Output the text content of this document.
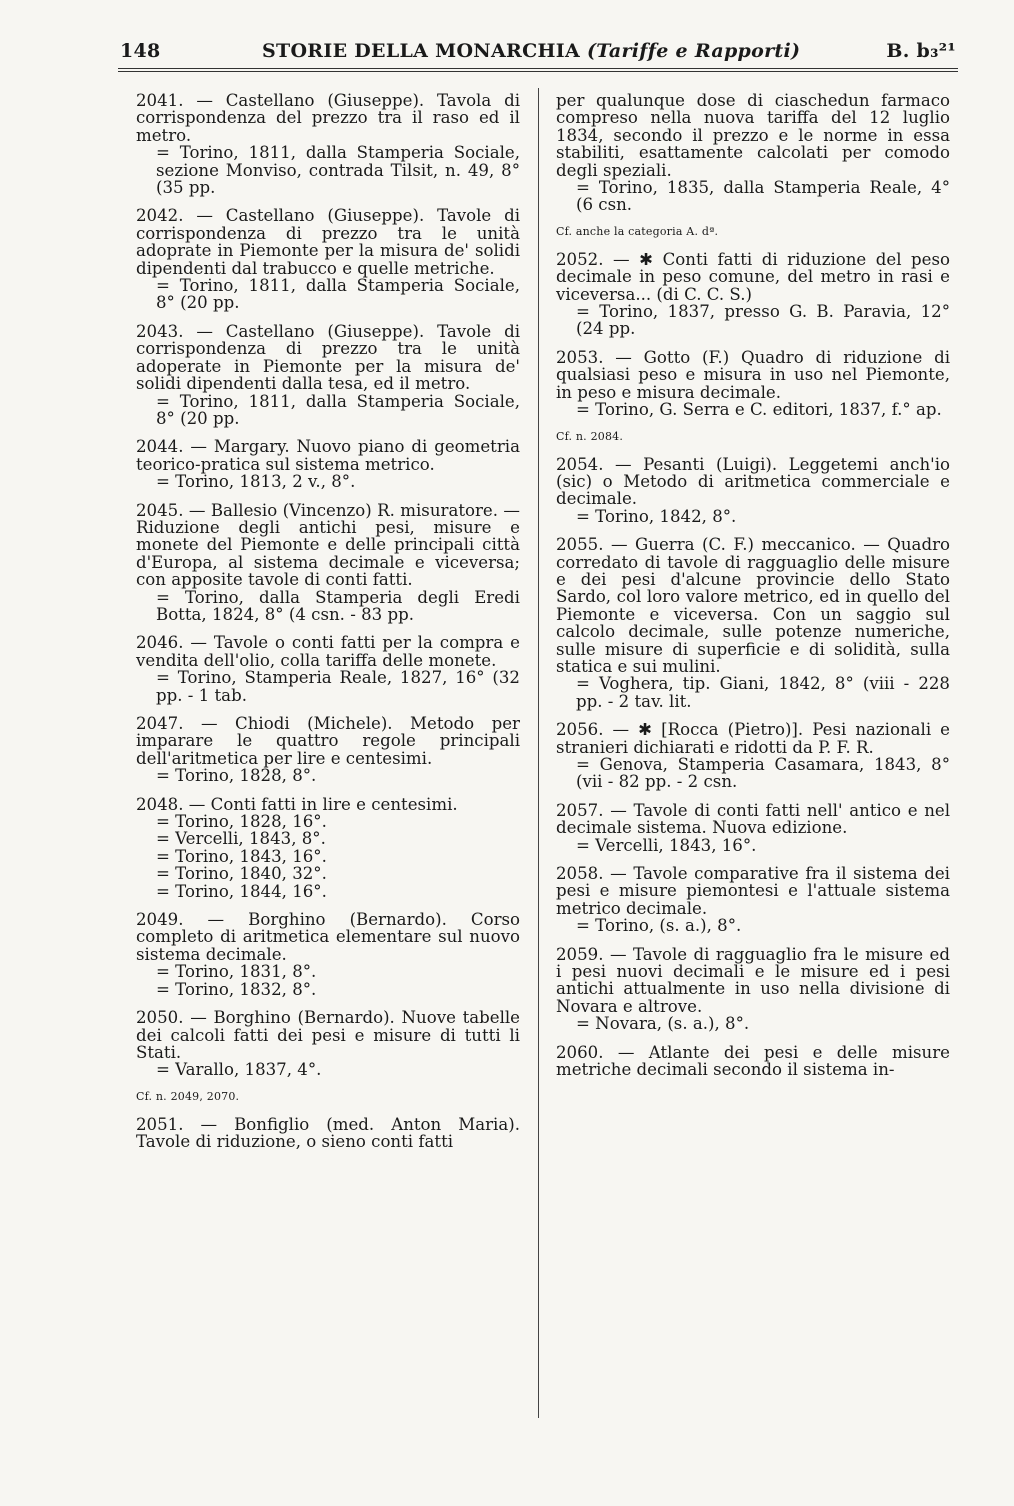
148	STORIE DELLA MONARCHIA (Tariffe e Rapporti)	B. b₃²¹
2041. — Castellano (Giuseppe). Tavola di corrispondenza del prezzo tra il raso ed il metro.
= Torino, 1811, dalla Stamperia Sociale, sezione Monviso, contrada Tilsit, n. 49, 8° (35 pp.
2042. — Castellano (Giuseppe). Tavole di corrispondenza di prezzo tra le unità adoprate in Piemonte per la misura de' solidi dipendenti dal trabucco e quelle metriche.
= Torino, 1811, dalla Stamperia Sociale, 8° (20 pp.
2043. — Castellano (Giuseppe). Tavole di corrispondenza di prezzo tra le unità adoperate in Piemonte per la misura de' solidi dipendenti dalla tesa, ed il metro.
= Torino, 1811, dalla Stamperia Sociale, 8° (20 pp.
2044. — Margary. Nuovo piano di geometria teorico-pratica sul sistema metrico.
= Torino, 1813, 2 v., 8°.
2045. — Ballesio (Vincenzo) R. misuratore. — Riduzione degli antichi pesi, misure e monete del Piemonte e delle principali città d'Europa, al sistema decimale e viceversa; con apposite tavole di conti fatti.
= Torino, dalla Stamperia degli Eredi Botta, 1824, 8° (4 csn. - 83 pp.
2046. — Tavole o conti fatti per la compra e vendita dell'olio, colla tariffa delle monete.
= Torino, Stamperia Reale, 1827, 16° (32 pp. - 1 tab.
2047. — Chiodi (Michele). Metodo per imparare le quattro regole principali dell'aritmetica per lire e centesimi.
= Torino, 1828, 8°.
2048. — Conti fatti in lire e centesimi.
= Torino, 1828, 16°.
= Vercelli, 1843, 8°.
= Torino, 1843, 16°.
= Torino, 1840, 32°.
= Torino, 1844, 16°.
2049. — Borghino (Bernardo). Corso completo di aritmetica elementare sul nuovo sistema decimale.
= Torino, 1831, 8°.
= Torino, 1832, 8°.
2050. — Borghino (Bernardo). Nuove tabelle dei calcoli fatti dei pesi e misure di tutti li Stati.
= Varallo, 1837, 4°.
Cf. n. 2049, 2070.
2051. — Bonfiglio (med. Anton Maria). Tavole di riduzione, o sieno conti fatti
per qualunque dose di ciaschedun farmaco compreso nella nuova tariffa del 12 luglio 1834, secondo il prezzo e le norme in essa stabiliti, esattamente calcolati per comodo degli speziali.
= Torino, 1835, dalla Stamperia Reale, 4° (6 csn.
Cf. anche la categoria A. dª.
2052. — ✱ Conti fatti di riduzione del peso decimale in peso comune, del metro in rasi e viceversa... (di C. C. S.)
= Torino, 1837, presso G. B. Paravia, 12° (24 pp.
2053. — Gotto (F.) Quadro di riduzione di qualsiasi peso e misura in uso nel Piemonte, in peso e misura decimale.
= Torino, G. Serra e C. editori, 1837, f.° ap.
Cf. n. 2084.
2054. — Pesanti (Luigi). Leggetemi anch'io (sic) o Metodo di aritmetica commerciale e decimale.
= Torino, 1842, 8°.
2055. — Guerra (C. F.) meccanico. — Quadro corredato di tavole di ragguaglio delle misure e dei pesi d'alcune provincie dello Stato Sardo, col loro valore metrico, ed in quello del Piemonte e viceversa. Con un saggio sul calcolo decimale, sulle potenze numeriche, sulle misure di superficie e di solidità, sulla statica e sui mulini.
= Voghera, tip. Giani, 1842, 8° (viii - 228 pp. - 2 tav. lit.
2056. — ✱ [Rocca (Pietro)]. Pesi nazionali e stranieri dichiarati e ridotti da P. F. R.
= Genova, Stamperia Casamara, 1843, 8° (vii - 82 pp. - 2 csn.
2057. — Tavole di conti fatti nell' antico e nel decimale sistema. Nuova edizione.
= Vercelli, 1843, 16°.
2058. — Tavole comparative fra il sistema dei pesi e misure piemontesi e l'attuale sistema metrico decimale.
= Torino, (s. a.), 8°.
2059. — Tavole di ragguaglio fra le misure ed i pesi nuovi decimali e le misure ed i pesi antichi attualmente in uso nella divisione di Novara e altrove.
= Novara, (s. a.), 8°.
2060. — Atlante dei pesi e delle misure metriche decimali secondo il sistema in-
